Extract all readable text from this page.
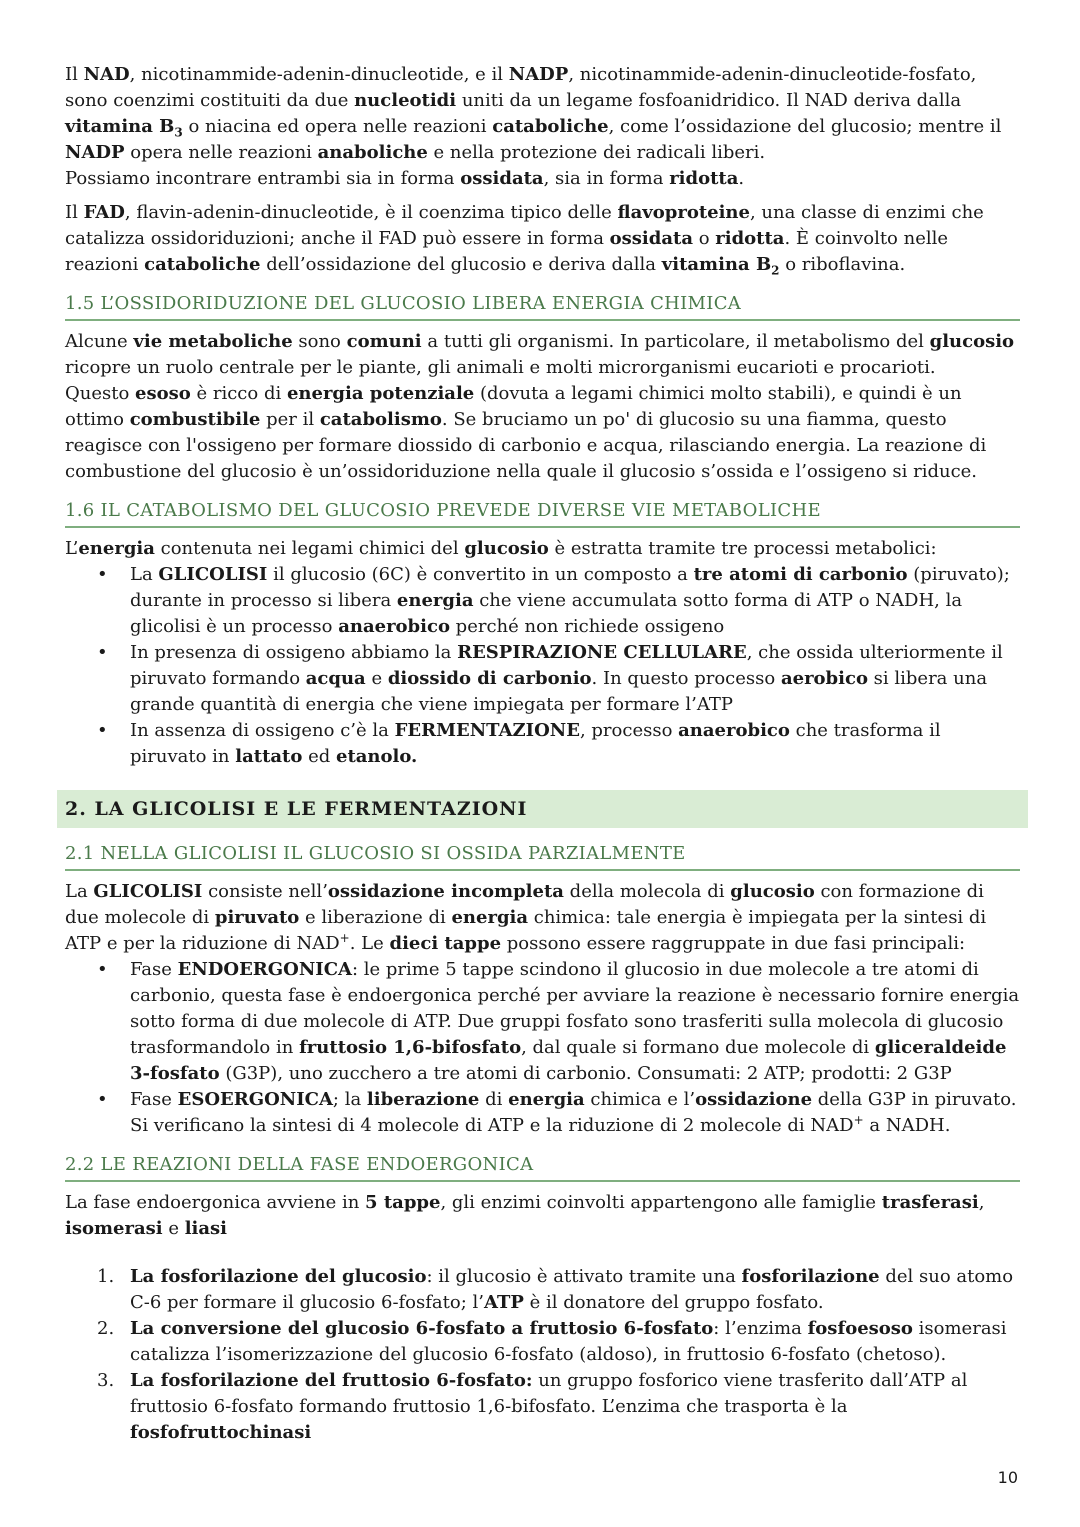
Il NAD, nicotinammide-adenin-dinucleotide, e il NADP, nicotinammide-adenin-dinucleotide-fosfato, sono coenzimi costituiti da due nucleotidi uniti da un legame fosfoanidridico. Il NAD deriva dalla vitamina $B_3$ o niacina ed opera nelle reazioni cataboliche, come l’ossidazione del glucosio; mentre il NADP opera nelle reazioni anaboliche e nella protezione dei radicali liberi.

Possiamo incontrare entrambi sia in forma ossidata, sia in forma ridotta.

Il FAD, flavin-adenin-dinucleotide, è il coenzima tipico delle flavoproteine, una classe di enzimi che catalizza ossidoriduzioni; anche il FAD può essere in forma ossidata o ridotta. È coinvolto nelle reazioni cataboliche dell’ossidazione del glucosio e deriva dalla vitamina $B_2$ o riboflavina.

1.5 L’OSSIDORIDUZIONE DEL GLUCOSIO LIBERA ENERGIA CHIMICA

Alcune vie metaboliche sono comuni a tutti gli organismi. In particolare, il metabolismo del glucosio ricopre un ruolo centrale per le piante, gli animali e molti microrganismi eucarioti e procarioti.
Questo esoso è ricco di energia potenziale (dovuta a legami chimici molto stabili), e quindi è un ottimo combustibile per il catabolismo. Se bruciamo un po' di glucosio su una fiamma, questo reagisce con l'ossigeno per formare diossido di carbonio e acqua, rilasciando energia. La reazione di combustione del glucosio è un’ossidoriduzione nella quale il glucosio s’ossida e l’ossigeno si riduce.

1.6 IL CATABOLISMO DEL GLUCOSIO PREVEDE DIVERSE VIE METABOLICHE

L’energia contenuta nei legami chimici del glucosio è estratta tramite tre processi metabolici:

• La GLICOLISI il glucosio (6C) è convertito in un composto a tre atomi di carbonio (piruvato); durante in processo si libera energia che viene accumulata sotto forma di ATP o NADH, la glicolisi è un processo anaerobico perché non richiede ossigeno
• In presenza di ossigeno abbiamo la RESPIRAZIONE CELLULARE, che ossida ulteriormente il piruvato formando acqua e diossido di carbonio. In questo processo aerobico si libera una grande quantità di energia che viene impiegata per formare l’ATP
• In assenza di ossigeno c’è la FERMENTAZIONE, processo anaerobico che trasforma il piruvato in lattato ed etanolo.
2. LA GLICOLISI E LE FERMENTAZIONI
2.1 NELLA GLICOLISI IL GLUCOSIO SI OSSIDA PARZIALMENTE

La GLICOLISI consiste nell’ossidazione incompleta della molecola di glucosio con formazione di due molecole di piruvato e liberazione di energia chimica: tale energia è impiegata per la sintesi di ATP e per la riduzione di NAD+. Le dieci tappe possono essere raggruppate in due fasi principali:

• Fase ENDOERGONICA: le prime 5 tappe scindono il glucosio in due molecole a tre atomi di carbonio, questa fase è endoergonica perché per avviare la reazione è necessario fornire energia sotto forma di due molecole di ATP. Due gruppi fosfato sono trasferiti sulla molecola di glucosio trasformandolo in fruttosio 1,6-bifosfato, dal quale si formano due molecole di gliceraldeide 3-fosfato (G3P), uno zucchero a tre atomi di carbonio. Consumati: 2 ATP; prodotti: 2 G3P
• Fase ESOERGONICA; la liberazione di energia chimica e l’ossidazione della G3P in piruvato. Si verificano la sintesi di 4 molecole di ATP e la riduzione di 2 molecole di NAD+ a NADH.
2.2 LE REAZIONI DELLA FASE ENDOERGONICA

La fase endoergonica avviene in 5 tappe, gli enzimi coinvolti appartengono alle famiglie trasferasi, isomerasi e liasi

1. La fosforilazione del glucosio: il glucosio è attivato tramite una fosforilazione del suo atomo C-6 per formare il glucosio 6-fosfato; l’ATP è il donatore del gruppo fosfato.
2. La conversione del glucosio 6-fosfato a fruttosio 6-fosfato: l’enzima fosfoesoso isomerasi catalizza l’isomerizzazione del glucosio 6-fosfato (aldoso), in fruttosio 6-fosfato (chetoso).
3. La fosforilazione del fruttosio 6-fosfato: un gruppo fosforico viene trasferito dall’ATP al fruttosio 6-fosfato formando fruttosio 1,6-bifosfato. L’enzima che trasporta è la fosfofruttochinasi
10
